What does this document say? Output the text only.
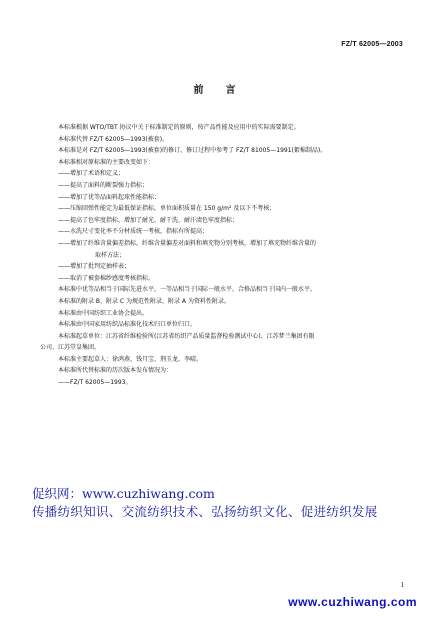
FZ/T 62005—2003
前　言
本标准根据 WTO/TBT 协议中关于标准制定的原则，按产品性能及应用中的实际需要制定。
本标准代替 FZ/T 62005—1993(被套)。
本标准是对 FZ/T 62005—1993(被套)的修订，修订过程中参考了 FZ/T 81005—1991(絮棉制品)。
本标准相对原标准的主要改变如下：
——增加了术语和定义；
——提高了面料的断裂强力指标；
——增加了优等品面料起球性能指标；
——压缩回弹性能定为最低保证指标，单位面积质量在 150 g/m² 及以下不考核；
——提高了色牢度指标，增加了耐光、耐干洗、耐汗渍色牢度指标；
——水洗尺寸变化率不分材质统一考核，指标有所提高；
——增加了纤维含量偏差指标，纤维含量偏差对面料和填充物分别考核，增加了填充物纤维含量的
取样方法；
——增加了批判定抽样表；
——取消了被套棉纱感度考核指标。
本标准中优等品相当于国际先进水平，一等品相当于国际一般水平，合格品相当于国内一般水平。
本标准的附录 B、附录 C 为规范性附录，附录 A 为资料性附录。
本标准由中国纺织工业协会提出。
本标准由中国家用纺织品标准化技术归口单位归口。
本标准起草单位：江苏省纤维检验所(江苏省纺织产品质量监督检验测试中心)、江苏梦兰集团有限
公司、江苏堂皇集团。
本标准主要起草人：徐鸿燕、钱月宝、荆玉龙、李晴。
本标准所代替标准的历次版本发布情况为：
——FZ/T 62005—1993。
促织网：www.cuzhiwang.com
传播纺织知识、交流纺织技术、弘扬纺织文化、促进纺织发展
1
www.cuzhiwang.com
